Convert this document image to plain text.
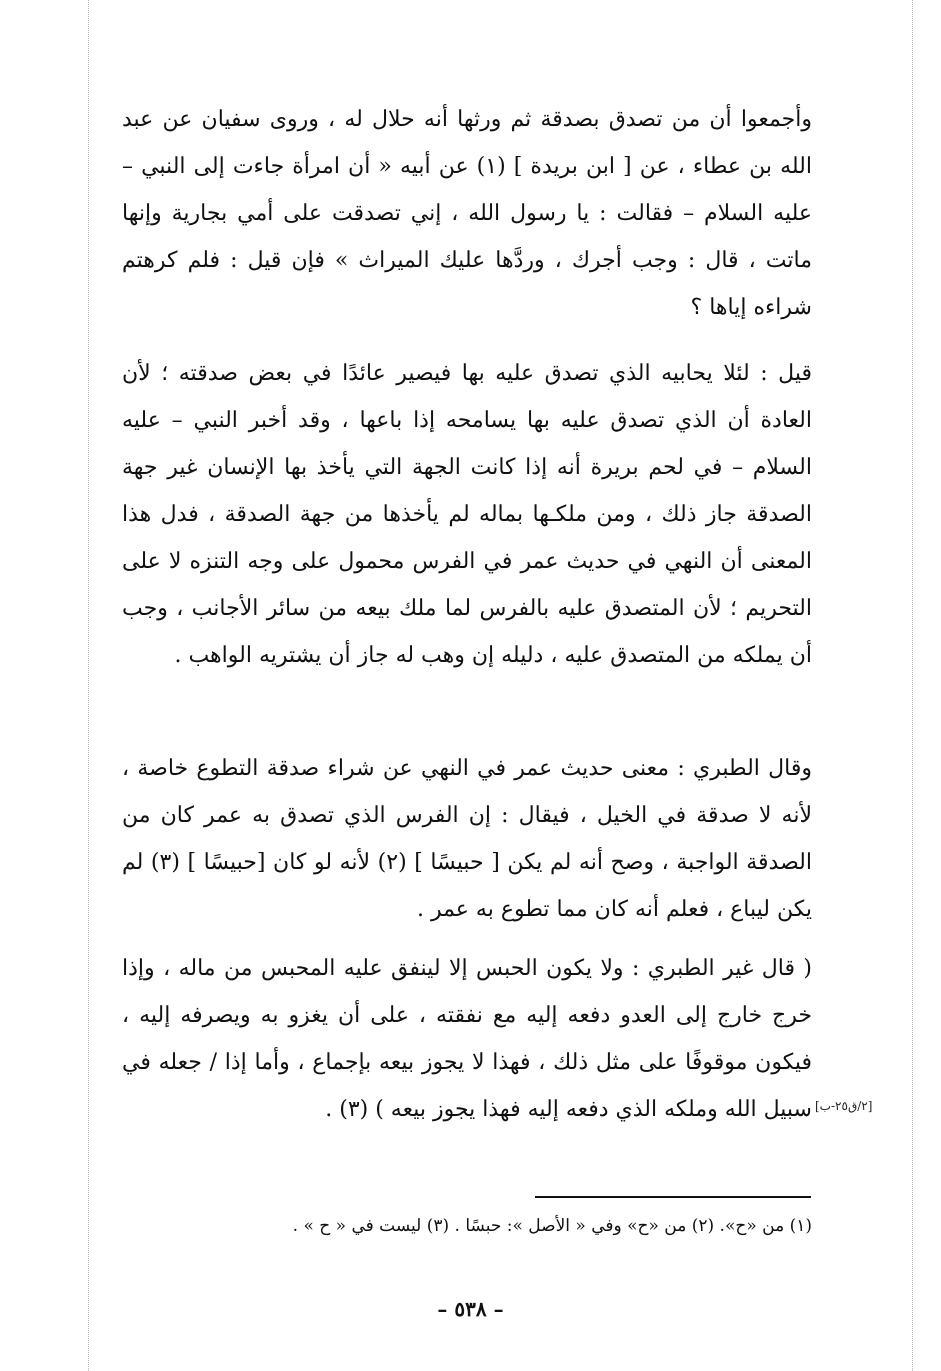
وأجمعوا أن من تصدق بصدقة ثم ورثها أنه حلال له ، وروى سفيان عن عبد الله بن عطاء ، عن [ ابن بريدة ] (١) عن أبيه « أن امرأة جاءت إلى النبي – عليه السلام – فقالت : يا رسول الله ، إني تصدقت على أمي بجارية وإنها ماتت ، قال : وجب أجرك ، وردَّها عليك الميراث » فإن قيل : فلم كرهتم شراءه إياها ؟

قيل : لئلا يحابيه الذي تصدق عليه بها فيصير عائدًا في بعض صدقته ؛ لأن العادة أن الذي تصدق عليه بها يسامحه إذا باعها ، وقد أخبر النبي – عليه السلام – في لحم بريرة أنه إذا كانت الجهة التي يأخذ بها الإنسان غير جهة الصدقة جاز ذلك ، ومن ملكـها بماله لم يأخذها من جهة الصدقة ، فدل هذا المعنى أن النهي في حديث عمر في الفرس محمول على وجه التنزه لا على التحريم ؛ لأن المتصدق عليه بالفرس لما ملك بيعه من سائر الأجانب ، وجب أن يملكه من المتصدق عليه ، دليله إن وهب له جاز أن يشتريه الواهب .

وقال الطبري : معنى حديث عمر في النهي عن شراء صدقة التطوع خاصة ، لأنه لا صدقة في الخيل ، فيقال : إن الفرس الذي تصدق به عمر كان من الصدقة الواجبة ، وصح أنه لم يكن [ حبيسًا ] (٢) لأنه لو كان [حبيسًا ] (٣) لم يكن ليباع ، فعلم أنه كان مما تطوع به عمر .

( قال غير الطبري : ولا يكون الحبس إلا لينفق عليه المحبس من ماله ، وإذا خرج خارج إلى العدو دفعه إليه مع نفقته ، على أن يغزو به ويصرفه إليه ، فيكون موقوفًا على مثل ذلك ، فهذا لا يجوز بيعه بإجماع ، وأما إذا / جعله في سبيل الله وملكه الذي دفعه إليه فهذا يجوز بيعه ) (٣) . [٢/ق٢٥-ب]
(١) من «ح». (٢) من «ح» وفي « الأصل »: حبسًا . (٣) ليست في « ح » .
– ٥٣٨ –
